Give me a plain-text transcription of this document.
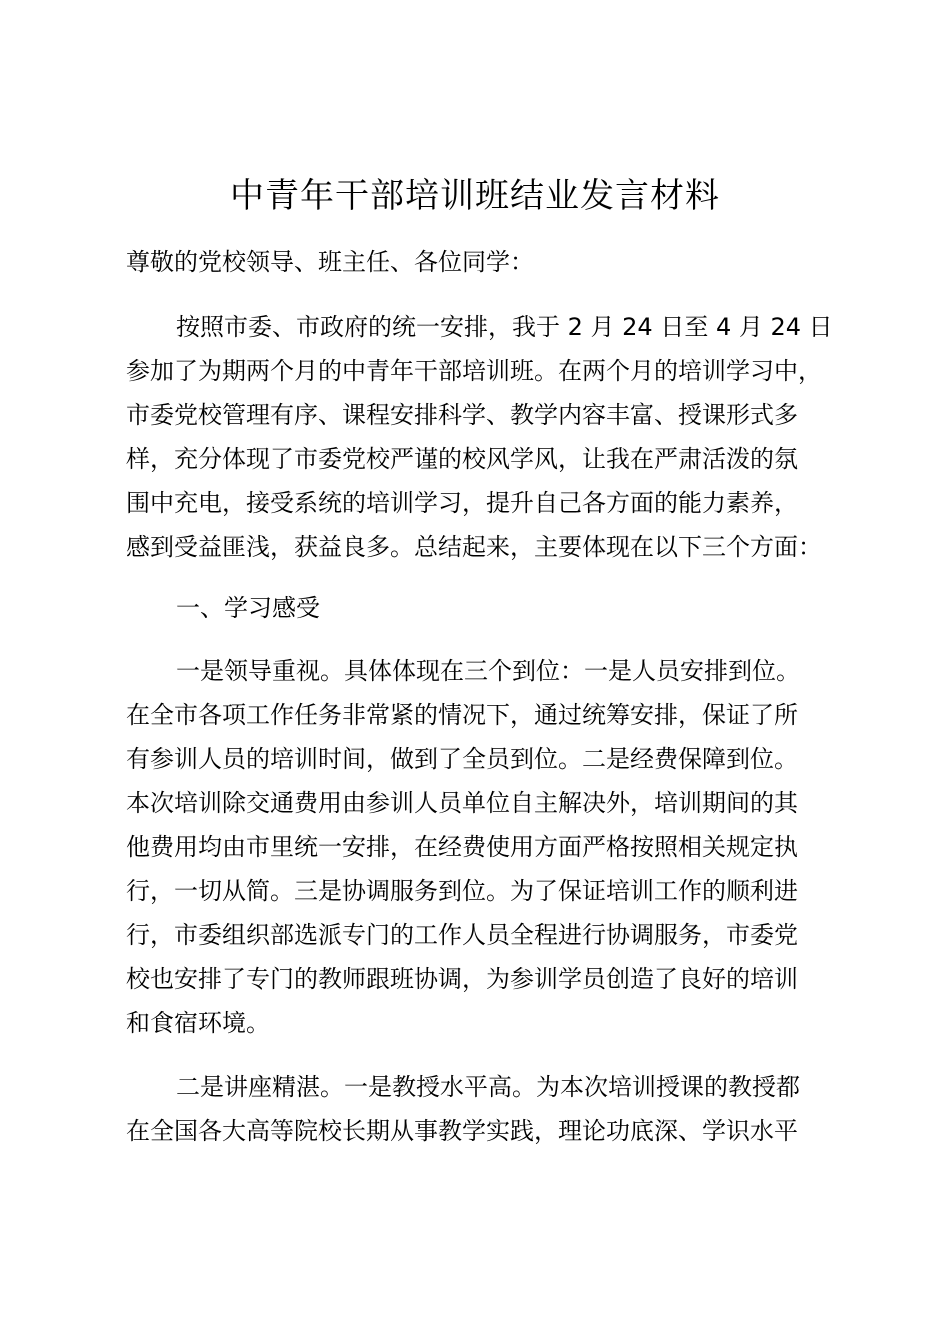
中青年干部培训班结业发言材料
尊敬的党校领导、班主任、各位同学：
按照市委、市政府的统一安排，我于 2 月 24 日至 4 月 24 日
参加了为期两个月的中青年干部培训班。在两个月的培训学习中，
市委党校管理有序、课程安排科学、教学内容丰富、授课形式多
样，充分体现了市委党校严谨的校风学风，让我在严肃活泼的氛
围中充电，接受系统的培训学习，提升自己各方面的能力素养，
感到受益匪浅，获益良多。总结起来，主要体现在以下三个方面：
一、学习感受
一是领导重视。具体体现在三个到位：一是人员安排到位。
在全市各项工作任务非常紧的情况下，通过统筹安排，保证了所
有参训人员的培训时间，做到了全员到位。二是经费保障到位。
本次培训除交通费用由参训人员单位自主解决外，培训期间的其
他费用均由市里统一安排，在经费使用方面严格按照相关规定执
行，一切从简。三是协调服务到位。为了保证培训工作的顺利进
行，市委组织部选派专门的工作人员全程进行协调服务，市委党
校也安排了专门的教师跟班协调，为参训学员创造了良好的培训
和食宿环境。
二是讲座精湛。一是教授水平高。为本次培训授课的教授都
在全国各大高等院校长期从事教学实践，理论功底深、学识水平
